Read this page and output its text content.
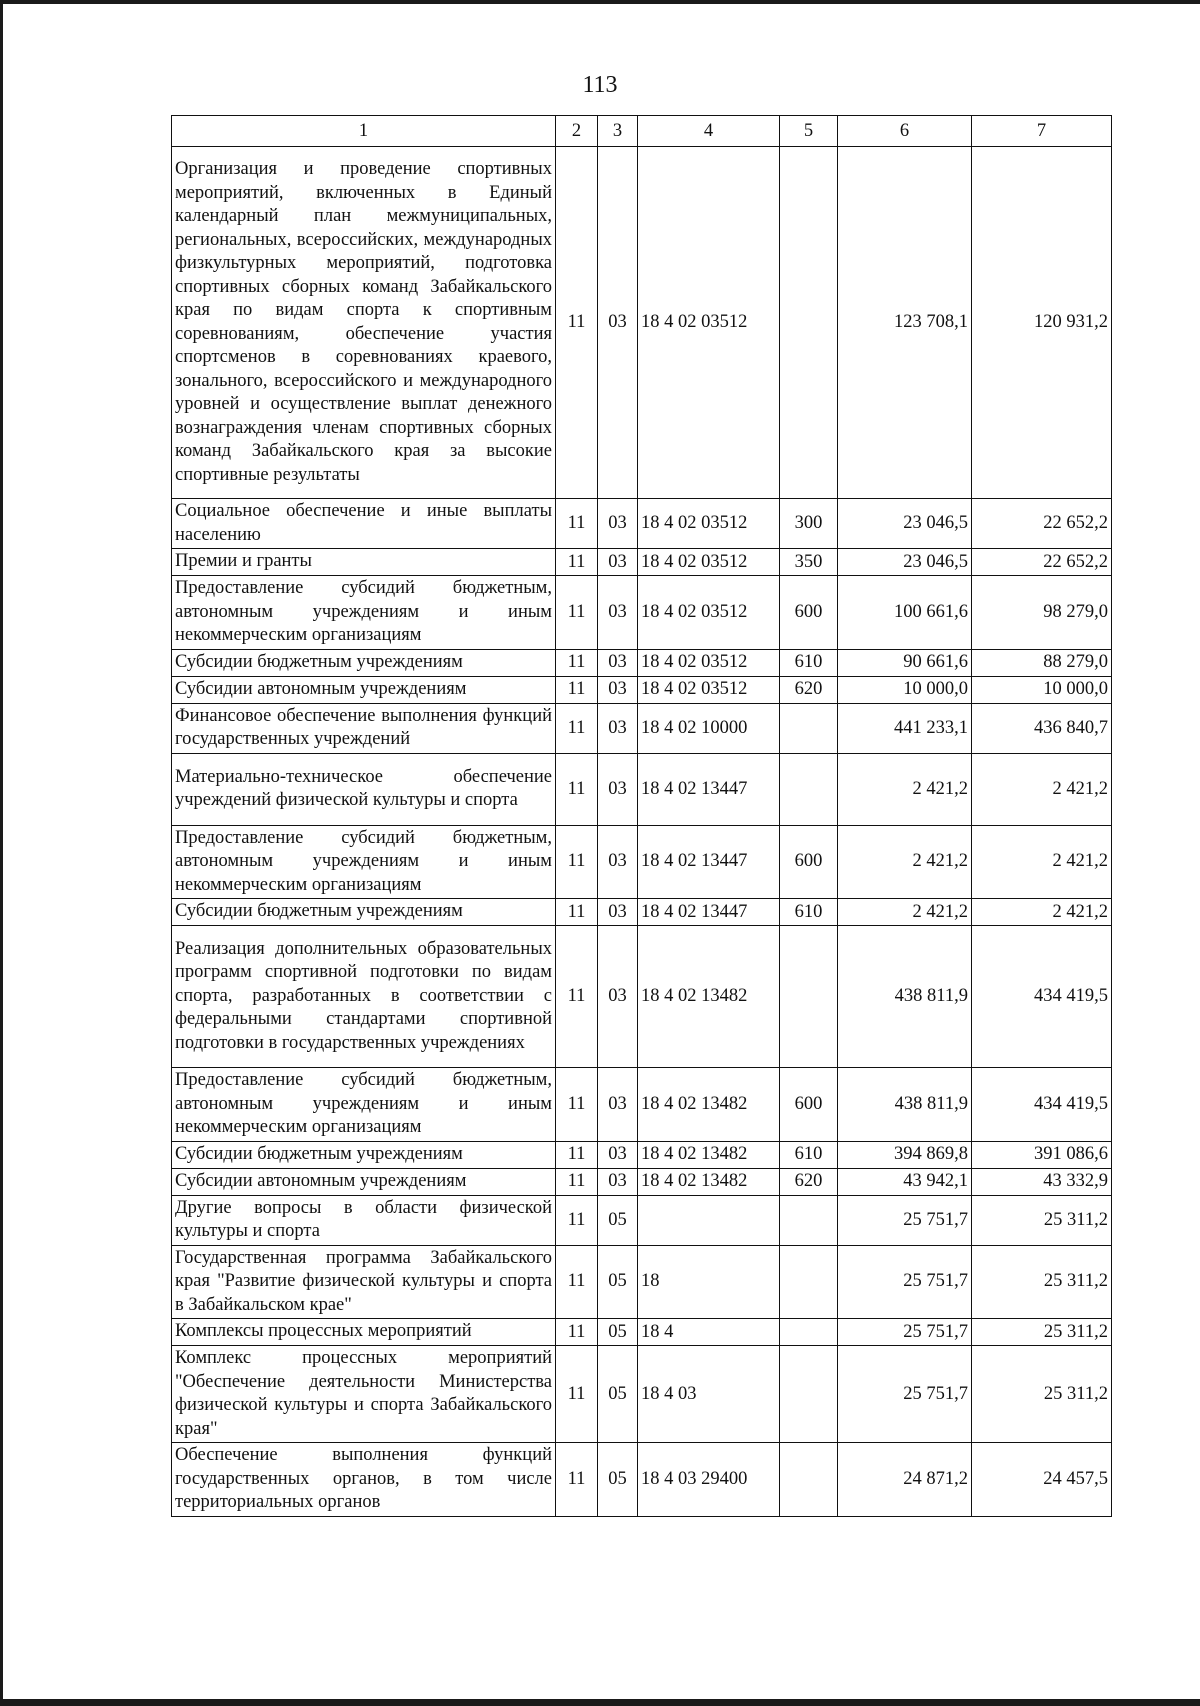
113
1	2	3	4	5	6	7
Организация и проведение спортивных мероприятий, включенных в Единый календарный план межмуниципальных, региональных, всероссийских, международных физкультурных мероприятий, подготовка спортивных сборных команд Забайкальского края по видам спорта к спортивным соревнованиям, обеспечение участия спортсменов в соревнованиях краевого, зонального, всероссийского и международного уровней и осуществление выплат денежного вознаграждения членам спортивных сборных команд Забайкальского края за высокие спортивные результаты	11	03	18 4 02 03512		123 708,1	120 931,2
Социальное обеспечение и иные выплаты населению	11	03	18 4 02 03512	300	23 046,5	22 652,2
Премии и гранты	11	03	18 4 02 03512	350	23 046,5	22 652,2
Предоставление субсидий бюджетным, автономным учреждениям и иным некоммерческим организациям	11	03	18 4 02 03512	600	100 661,6	98 279,0
Субсидии бюджетным учреждениям	11	03	18 4 02 03512	610	90 661,6	88 279,0
Субсидии автономным учреждениям	11	03	18 4 02 03512	620	10 000,0	10 000,0
Финансовое обеспечение выполнения функций государственных учреждений	11	03	18 4 02 10000		441 233,1	436 840,7
Материально-техническое обеспечение учреждений физической культуры и спорта	11	03	18 4 02 13447		2 421,2	2 421,2
Предоставление субсидий бюджетным, автономным учреждениям и иным некоммерческим организациям	11	03	18 4 02 13447	600	2 421,2	2 421,2
Субсидии бюджетным учреждениям	11	03	18 4 02 13447	610	2 421,2	2 421,2
Реализация дополнительных образовательных программ спортивной подготовки по видам спорта, разработанных в соответствии с федеральными стандартами спортивной подготовки в государственных учреждениях	11	03	18 4 02 13482		438 811,9	434 419,5
Предоставление субсидий бюджетным, автономным учреждениям и иным некоммерческим организациям	11	03	18 4 02 13482	600	438 811,9	434 419,5
Субсидии бюджетным учреждениям	11	03	18 4 02 13482	610	394 869,8	391 086,6
Субсидии автономным учреждениям	11	03	18 4 02 13482	620	43 942,1	43 332,9
Другие вопросы в области физической культуры и спорта	11	05			25 751,7	25 311,2
Государственная программа Забайкальского края "Развитие физической культуры и спорта в Забайкальском крае"	11	05	18		25 751,7	25 311,2
Комплексы процессных мероприятий	11	05	18 4		25 751,7	25 311,2
Комплекс процессных мероприятий "Обеспечение деятельности Министерства физической культуры и спорта Забайкальского края"	11	05	18 4 03		25 751,7	25 311,2
Обеспечение выполнения функций государственных органов, в том числе территориальных органов	11	05	18 4 03 29400		24 871,2	24 457,5
